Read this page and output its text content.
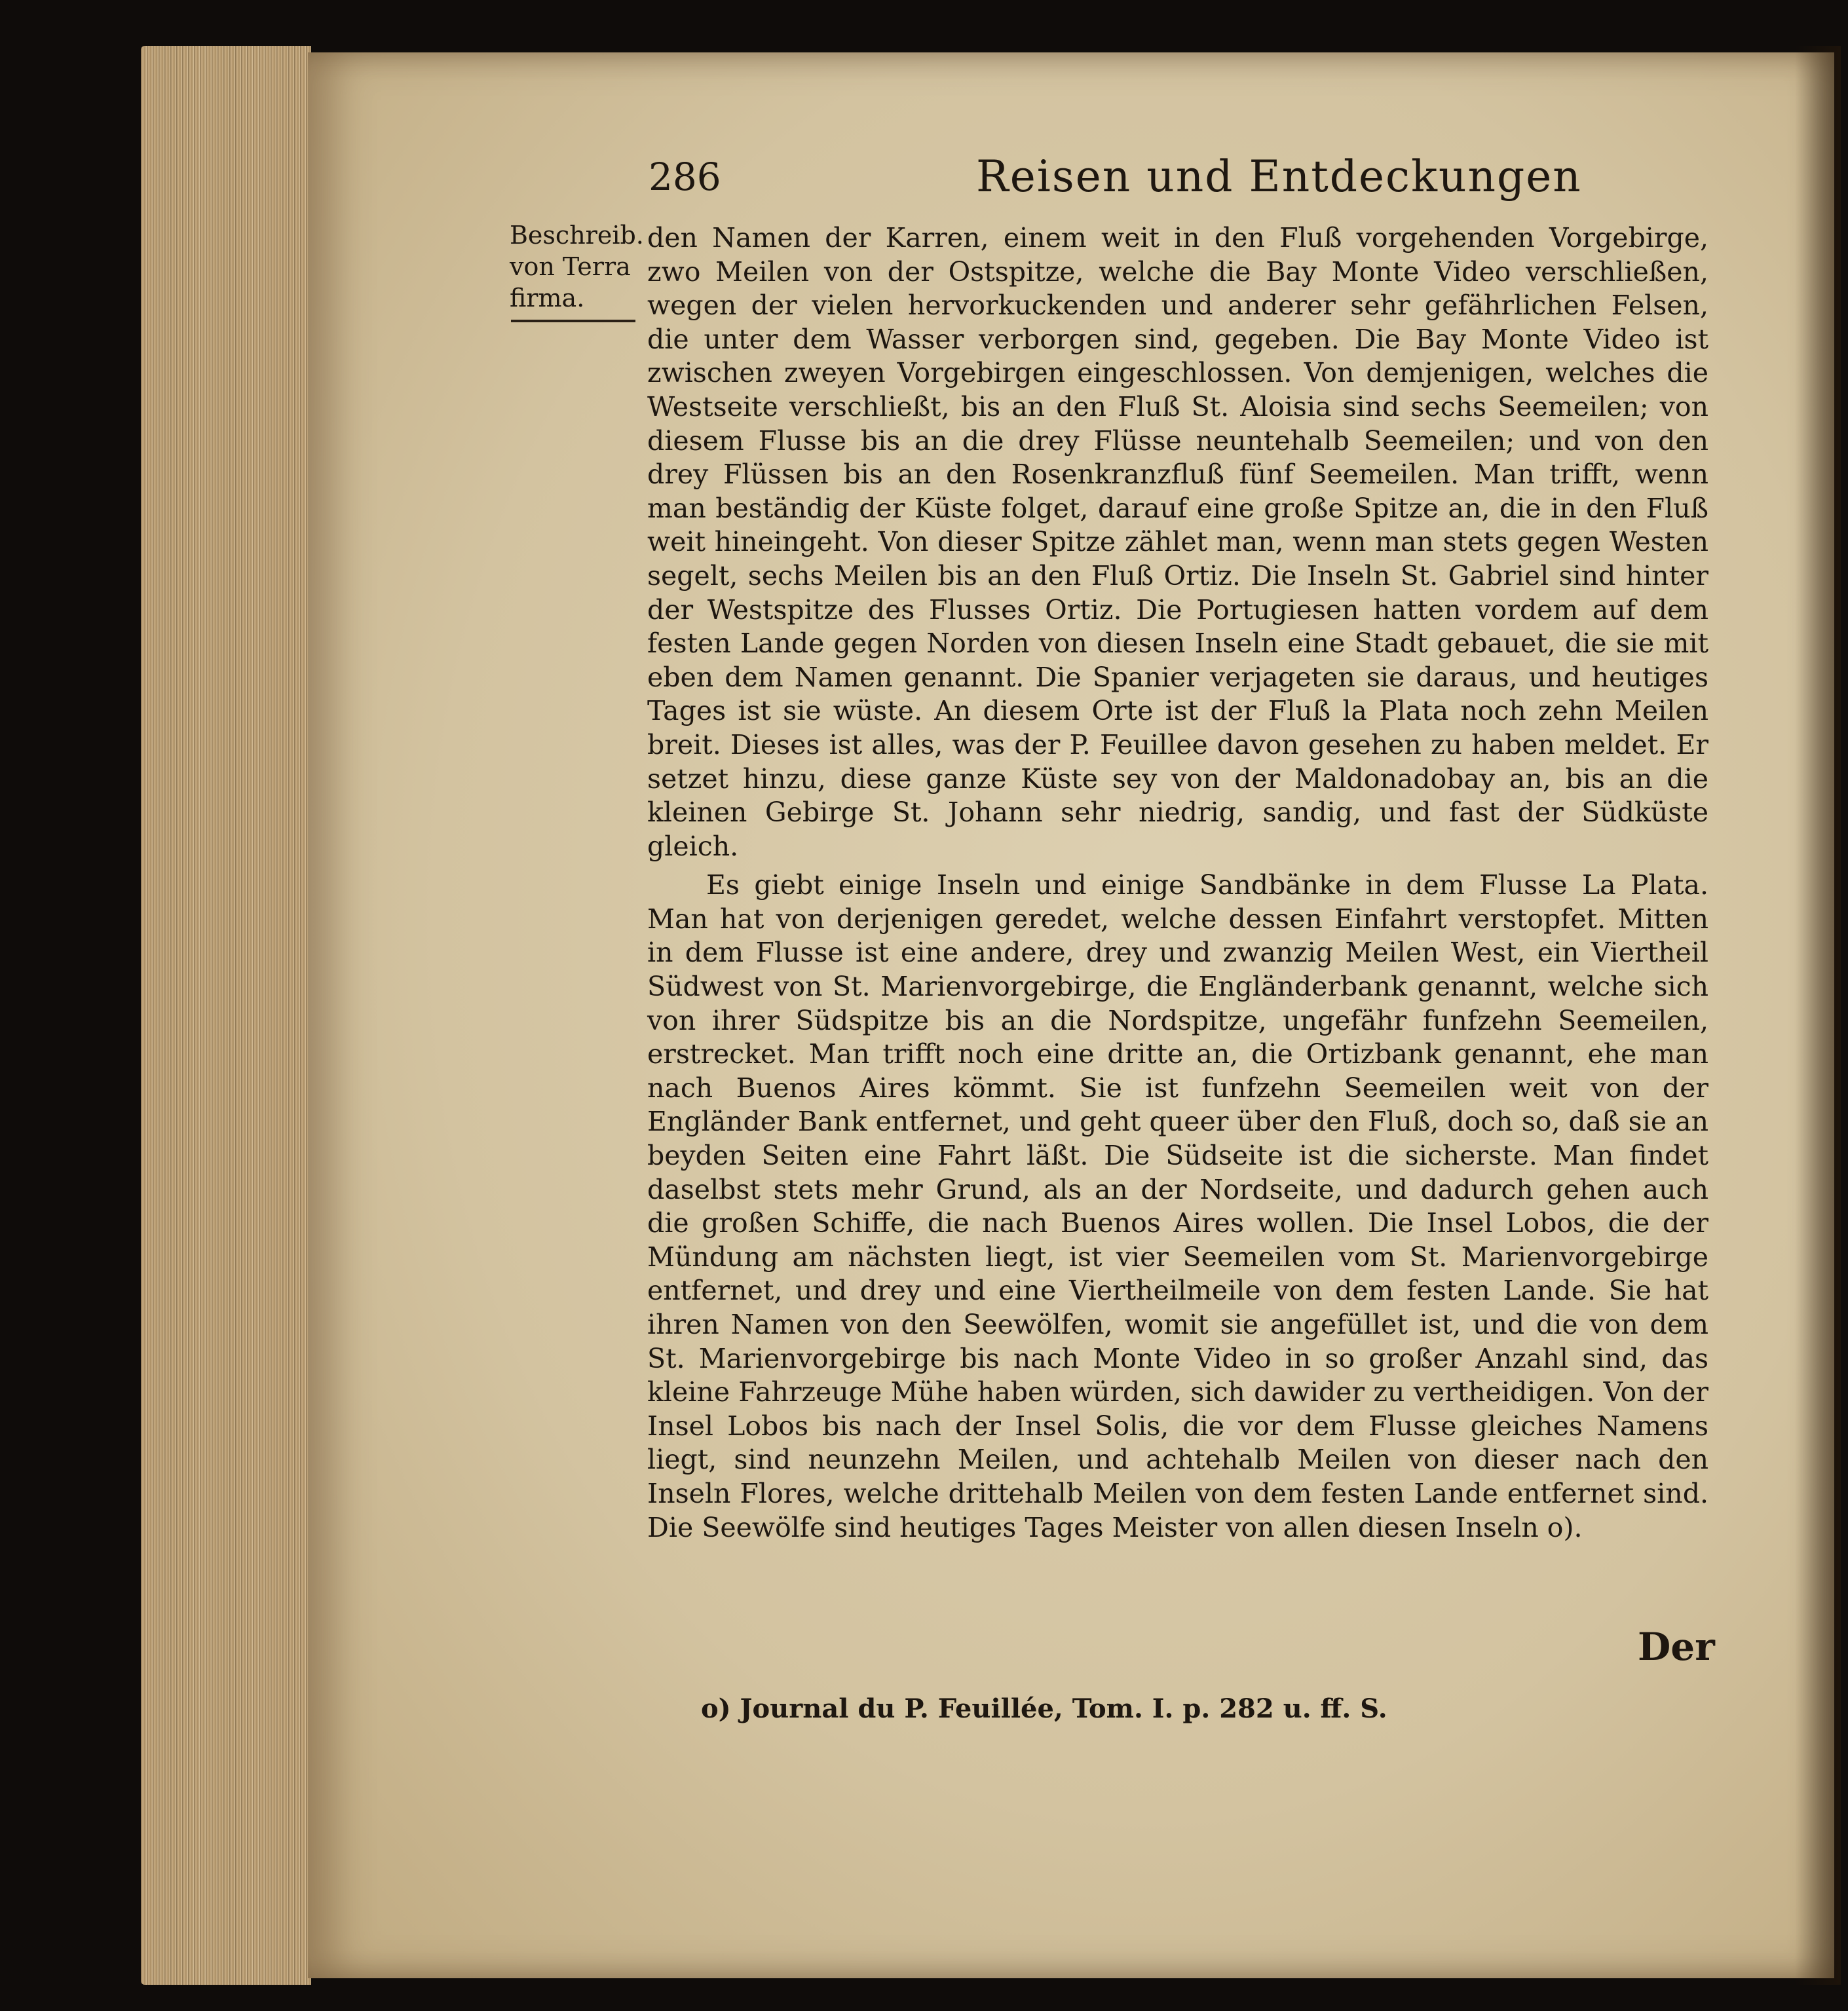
286	Reisen und Entdeckungen
Beschreib. von Terra firma.

den Namen der Karren, einem weit in den Fluß vorgehenden Vorgebirge, zwo Meilen von der Ostspitze, welche die Bay Monte Video verschließen, wegen der vielen hervorkuckenden und anderer sehr gefährlichen Felsen, die unter dem Wasser verborgen sind, gegeben. Die Bay Monte Video ist zwischen zweyen Vorgebirgen eingeschlossen. Von demjenigen, welches die Westseite verschließt, bis an den Fluß St. Aloisia sind sechs Seemeilen; von diesem Flusse bis an die drey Flüsse neuntehalb Seemeilen; und von den drey Flüssen bis an den Rosenkranzfluß fünf Seemeilen. Man trifft, wenn man beständig der Küste folget, darauf eine große Spitze an, die in den Fluß weit hineingeht. Von dieser Spitze zählet man, wenn man stets gegen Westen segelt, sechs Meilen bis an den Fluß Ortiz. Die Inseln St. Gabriel sind hinter der Westspitze des Flusses Ortiz. Die Portugiesen hatten vordem auf dem festen Lande gegen Norden von diesen Inseln eine Stadt gebauet, die sie mit eben dem Namen genannt. Die Spanier verjageten sie daraus, und heutiges Tages ist sie wüste. An diesem Orte ist der Fluß la Plata noch zehn Meilen breit. Dieses ist alles, was der P. Feuillee davon gesehen zu haben meldet. Er setzet hinzu, diese ganze Küste sey von der Maldonadobay an, bis an die kleinen Gebirge St. Johann sehr niedrig, sandig, und fast der Südküste gleich.

Es giebt einige Inseln und einige Sandbänke in dem Flusse La Plata. Man hat von derjenigen geredet, welche dessen Einfahrt verstopfet. Mitten in dem Flusse ist eine andere, drey und zwanzig Meilen West, ein Viertheil Südwest von St. Marienvorgebirge, die Engländerbank genannt, welche sich von ihrer Südspitze bis an die Nordspitze, ungefähr funfzehn Seemeilen, erstrecket. Man trifft noch eine dritte an, die Ortizbank genannt, ehe man nach Buenos Aires kömmt. Sie ist funfzehn Seemeilen weit von der Engländer Bank entfernet, und geht queer über den Fluß, doch so, daß sie an beyden Seiten eine Fahrt läßt. Die Südseite ist die sicherste. Man findet daselbst stets mehr Grund, als an der Nordseite, und dadurch gehen auch die großen Schiffe, die nach Buenos Aires wollen. Die Insel Lobos, die der Mündung am nächsten liegt, ist vier Seemeilen vom St. Marienvorgebirge entfernet, und drey und eine Viertheilmeile von dem festen Lande. Sie hat ihren Namen von den Seewölfen, womit sie angefüllet ist, und die von dem St. Marienvorgebirge bis nach Monte Video in so großer Anzahl sind, das kleine Fahrzeuge Mühe haben würden, sich dawider zu vertheidigen. Von der Insel Lobos bis nach der Insel Solis, die vor dem Flusse gleiches Namens liegt, sind neunzehn Meilen, und achtehalb Meilen von dieser nach den Inseln Flores, welche drittehalb Meilen von dem festen Lande entfernet sind. Die Seewölfe sind heutiges Tages Meister von allen diesen Inseln o).

Der
o) Journal du P. Feuillée, Tom. I. p. 282 u. ff. S.
